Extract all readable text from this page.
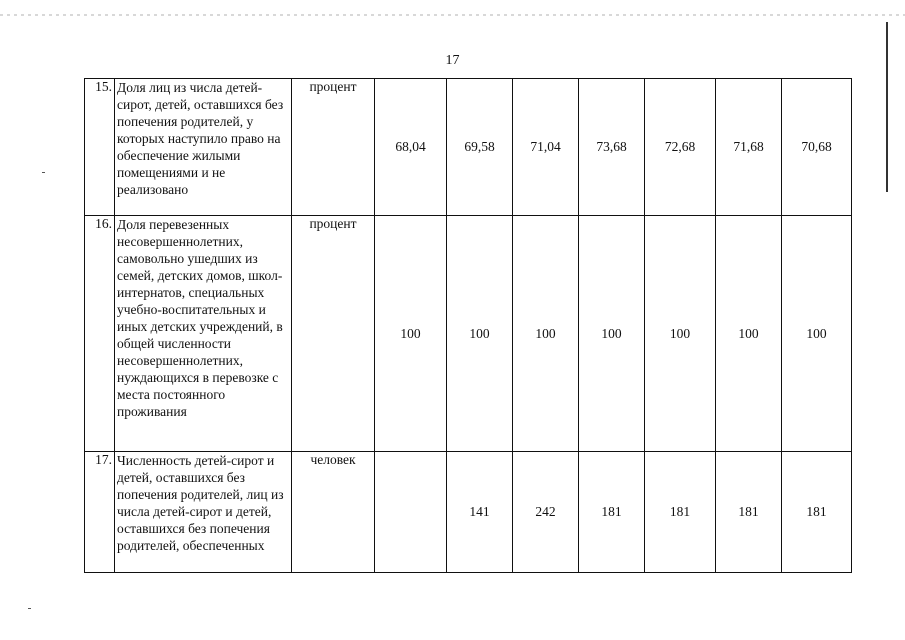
17
15.	Доля лиц из числа детей-сирот, детей, оставшихся без попечения родителей, у которых наступило право на обеспечение жилыми помещениями и не реализовано	процент	68,04	69,58	71,04	73,68	72,68	71,68	70,68
16.	Доля перевезенных несовершеннолетних, самовольно ушедших из семей, детских домов, школ-интернатов, специальных учебно-воспитательных и иных детских учреждений, в общей численности несовершеннолетних, нуждающихся в перевозке с места постоянного проживания	процент	100	100	100	100	100	100	100
17.	Численность детей-сирот и детей, оставшихся без попечения родителей, лиц из числа детей-сирот и детей, оставшихся без попечения родителей, обеспеченных	человек		141	242	181	181	181	181
